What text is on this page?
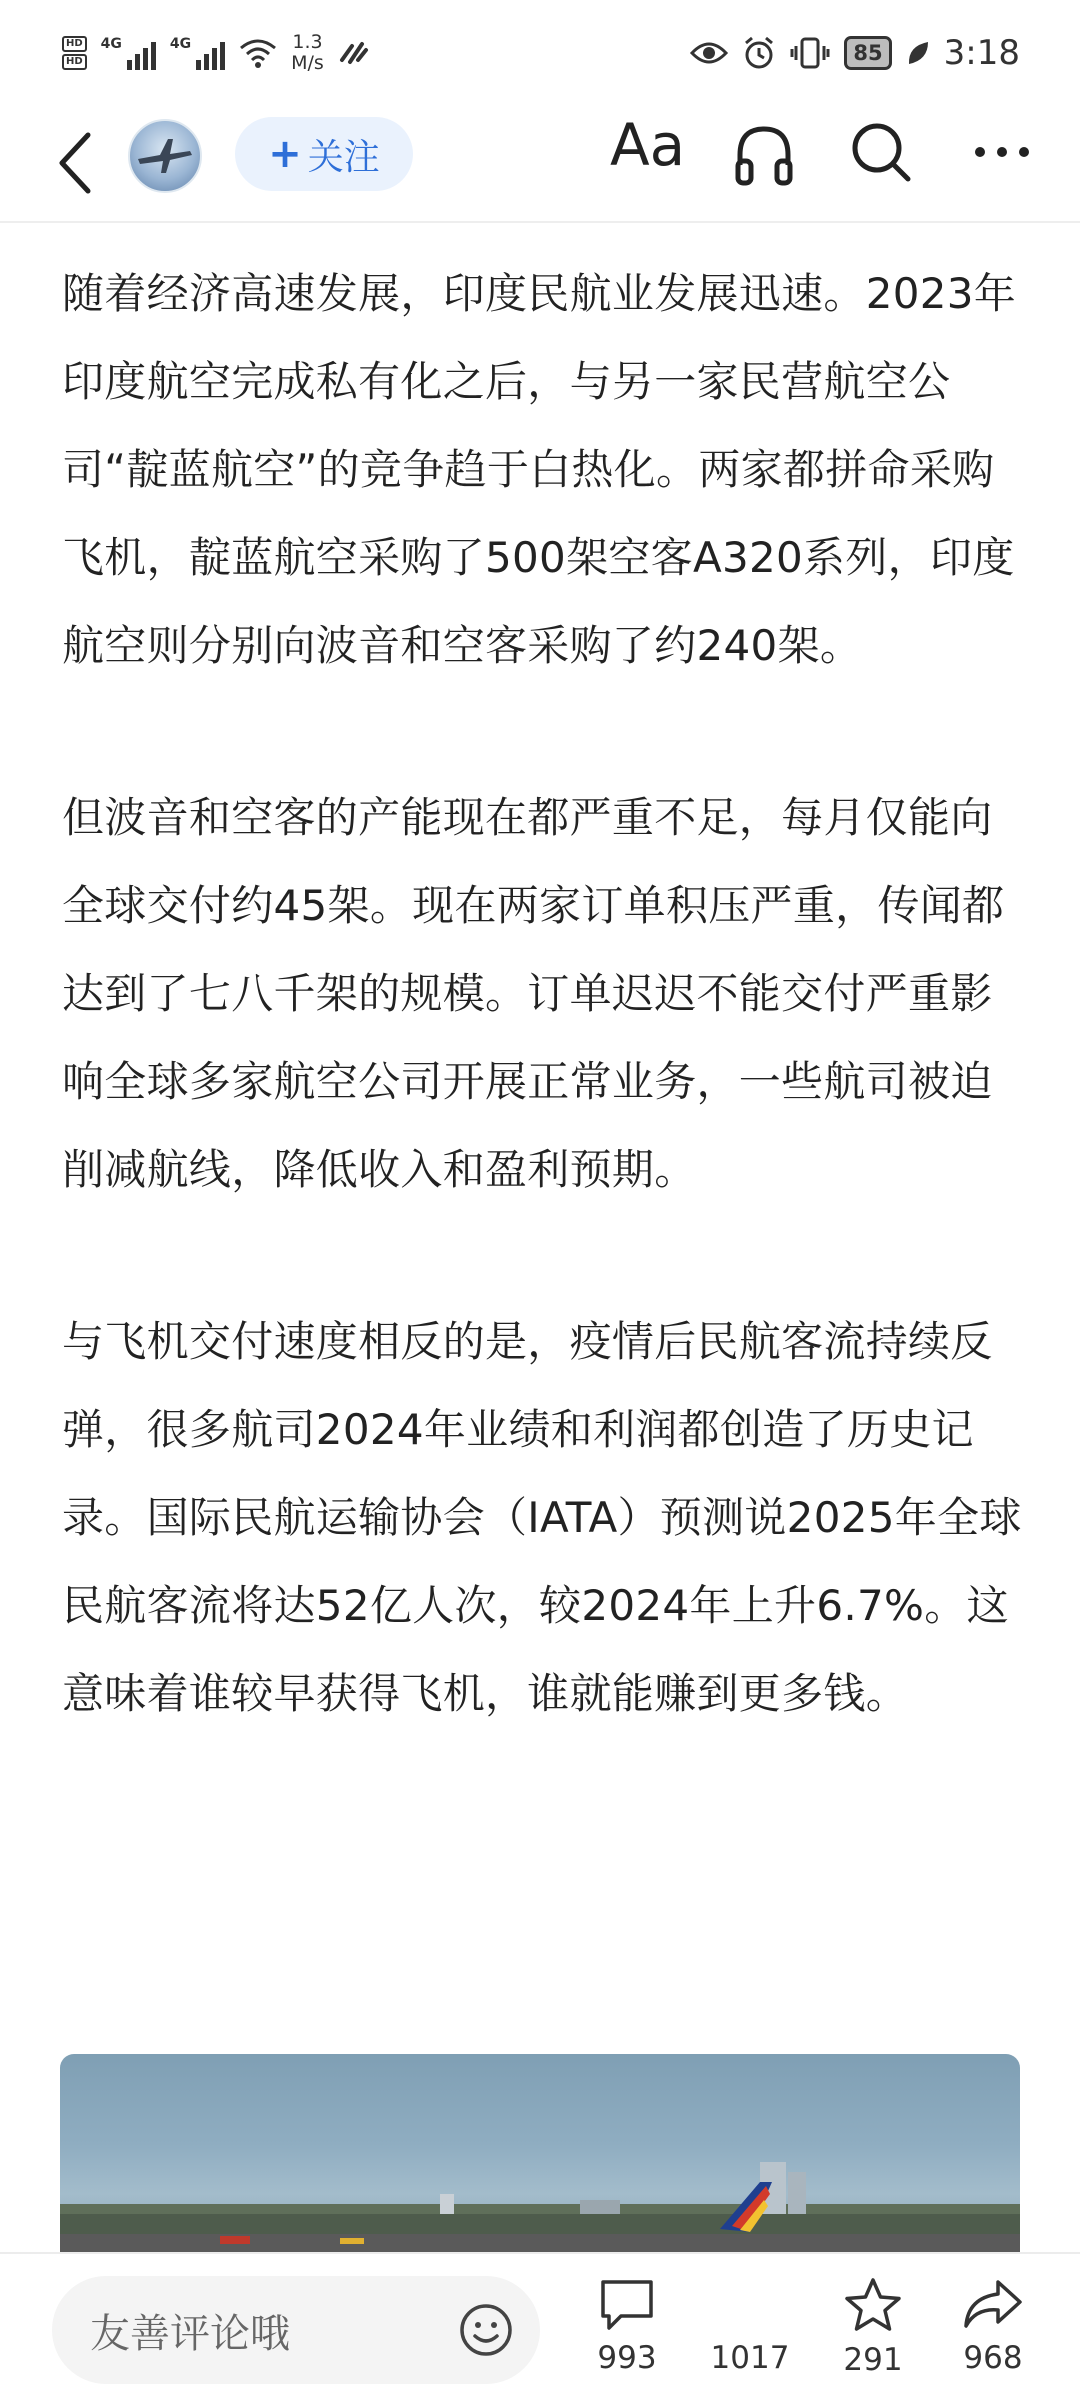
HD
HD
4G	4G	1.3
M/s	85 3:18
+ 关注	Aa

随着经济高速发展，印度民航业发展迅速。2023年印度航空完成私有化之后，与另一家民营航空公司“靛蓝航空”的竞争趋于白热化。两家都拼命采购飞机，靛蓝航空采购了500架空客A320系列，印度航空则分别向波音和空客采购了约240架。

但波音和空客的产能现在都严重不足，每月仅能向全球交付约45架。现在两家订单积压严重，传闻都达到了七八千架的规模。订单迟迟不能交付严重影响全球多家航空公司开展正常业务，一些航司被迫削减航线，降低收入和盈利预期。

与飞机交付速度相反的是，疫情后民航客流持续反弹，很多航司2024年业绩和利润都创造了历史记录。国际民航运输协会（IATA）预测说2025年全球民航客流将达52亿人次，较2024年上升6.7%。这意味着谁较早获得飞机，谁就能赚到更多钱。

友善评论哦
993	1017	291	968
